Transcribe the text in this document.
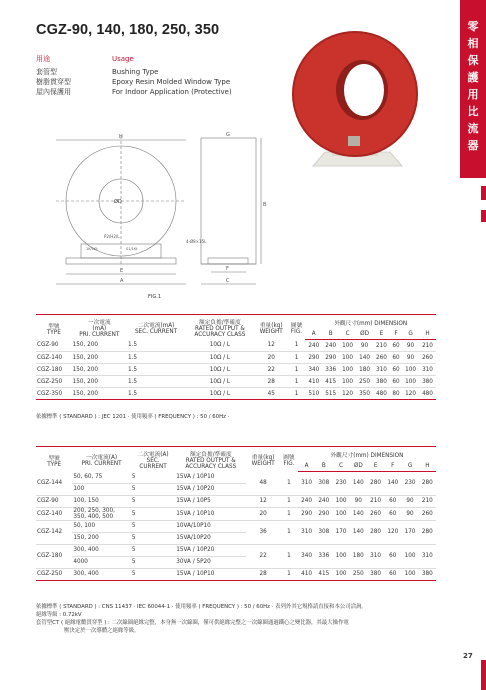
零
相
保
護
用
比
流
器
CGZ-90, 140, 180, 250, 350
用途	Usage
套管型	Bushing Type
樹脂貫穿型	Epoxy Resin Molded Window Type
屋內保護用	For Indoor Application (Protective)
H	G
B
ØD
P2/H2/L
1K/1Kt	S1/1Kt
E
A
F
C
4-Ø8×15L
FIG.1
型號
TYPE	一次電流
(mA)
PRI. CURRENT	二次電流(mA)
SEC. CURRENT	額定負擔/準確度
RATED OUTPUT &
ACCURACY CLASS	重量(kg)
WEIGHT	圖號
FIG.	外觀尺寸(mm) DIMENSION							
						A	B	C	ØD	E	F	G	H
CGZ-90	150, 200	1.5	10Ω / L	12	1	240	240	100	90	210	60	90	210
CGZ-140	150, 200	1.5	10Ω / L	20	1	290	290	100	140	260	60	90	260
CGZ-180	150, 200	1.5	10Ω / L	22	1	340	336	100	180	310	60	100	310
CGZ-250	150, 200	1.5	10Ω / L	28	1	410	415	100	250	380	60	100	380
CGZ-350	150, 200	1.5	10Ω / L	45	1	510	515	120	350	480	80	120	480
依據標準 ( STANDARD ) : JEC 1201 ‧ 使用頻率 ( FREQUENCY ) : 50 / 60Hz ‧
型號
TYPE	一次電流(A)
PRI. CURRENT	二次電流(A)
SEC.
CURRENT	額定負擔/準確度
RATED OUTPUT &
ACCURACY CLASS	重量(kg)
WEIGHT	圖號
FIG.	外觀尺寸(mm) DIMENSION							
						A	B	C	ØD	E	F	G	H
CGZ-144	50, 60, 75	5	15VA / 10P10	48	1	310	308	230	140	280	140	230	280
	100	5	15VA / 10P20										
CGZ-90	100, 150	5	15VA / 10P5	12	1	240	240	100	90	210	60	90	210
CGZ-140	200, 250, 300,
350, 400, 500	5	15VA / 10P10	20	1	290	290	100	140	260	60	90	260
CGZ-142	50, 100	5	10VA/10P10	36	1	310	308	170	140	280	120	170	280
	150, 200	5	15VA/10P20										
CGZ-180	300, 400	5	15VA / 10P20	22	1	340	336	100	180	310	60	100	310
	4000	5	30VA / 5P20										
CGZ-250	300, 400	5	15VA / 10P10	28	1	410	415	100	250	380	60	100	380
依據標準 ( STANDARD ) : CNS 11437 ‧ IEC 60044-1 ‧ 使用頻率 ( FREQUENCY ) : 50 / 60Hz ‧ 表列外其它規格請直接和本公司洽詢。
絕緣等級 : 0.72kV
套管型CT ( 絕緣電纜貫穿型 ) : 二次線圈絕緣完整，本身無一次線圈，僅可供絕緣完整之一次線圈通過鐵心之變比器，其最大操作電
壓決定於一次導體之絕緣等級。
27
